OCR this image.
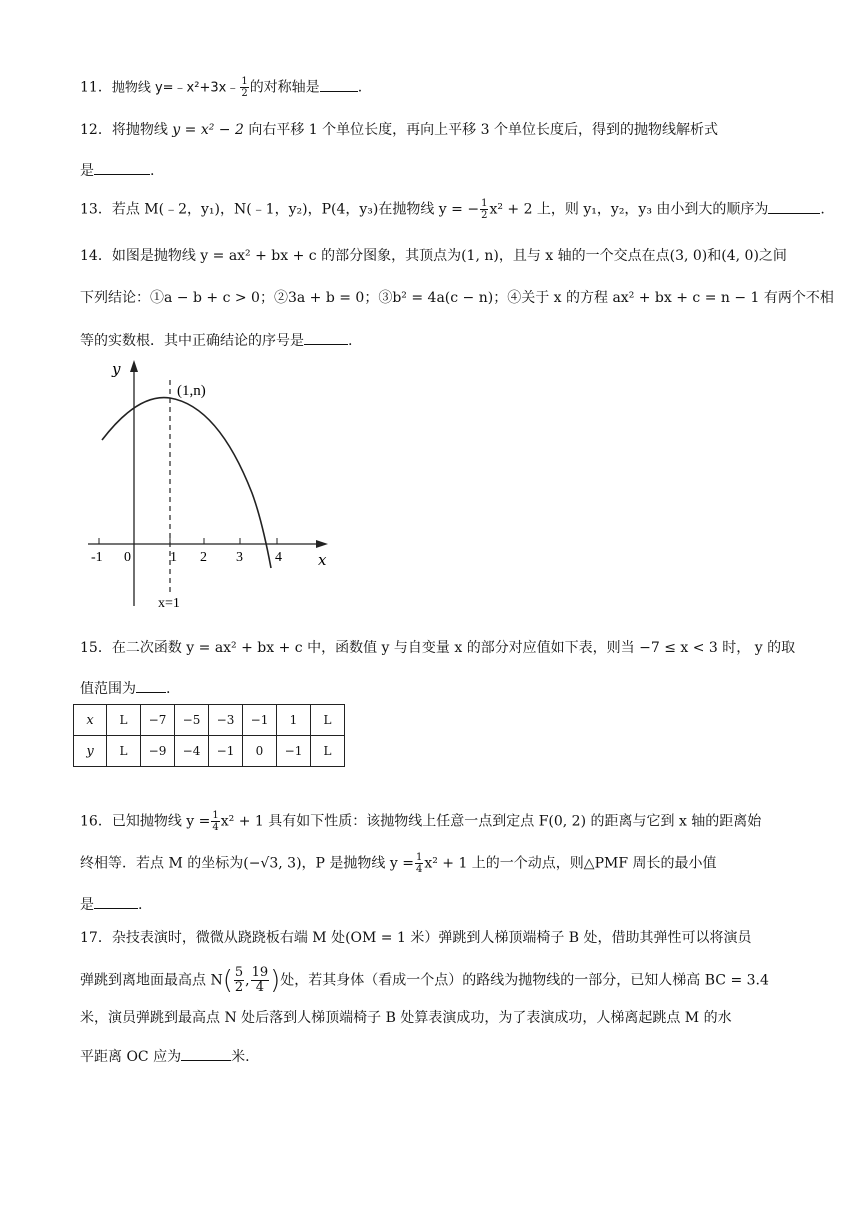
11．抛物线 y=﹣x²+3x﹣ $\frac{1}{2}$ 的对称轴是	.
12．将抛物线 y = x² − 2 向右平移 1 个单位长度，再向上平移 3 个单位长度后，得到的抛物线解析式
是	.
13．若点 M(﹣2，y₁)，N(﹣1，y₂)，P(4，y₃)在抛物线 y = − $\frac{1}{2} x^2 + 2$ 上，则 y₁，y₂，y₃ 由小到大的顺序为	.
14．如图是抛物线 y = ax² + bx + c 的部分图象，其顶点为(1, n)，且与 x 轴的一个交点在点(3, 0)和(4, 0)之间
下列结论：①a − b + c > 0；②3a + b = 0；③b² = 4a(c − n)；④关于 x 的方程 ax² + bx + c = n − 1 有两个不相
等的实数根．其中正确结论的序号是	.
y
x
(1,n)
x=1
-1 0	1 2 3 4
15．在二次函数 y = ax² + bx + c 中，函数值 y 与自变量 x 的部分对应值如下表，则当 −7 ≤ x < 3 时， y 的取
值范围为 .
x	L	−7	−5	−3	−1	1	L
y	L	−9	−4	−1	0	−1	L
16．已知抛物线 $y = \frac{1}{4} x^2 + 1$ 具有如下性质：该抛物线上任意一点到定点 F(0, 2) 的距离与它到 x 轴的距离始
终相等．若点 M 的坐标为(−√3, 3)，P 是抛物线 $y = \frac{1}{4} x^2 + 1$ 上的一个动点，则△PMF 周长的最小值
是	.
17．杂技表演时，微微从跷跷板右端 M 处(OM = 1 米）弹跳到人梯顶端椅子 B 处，借助其弹性可以将演员
弹跳到离地面最高点 $N( \frac{5}{2}$ , $\frac{19}{4}$ )处，若其身体（看成一个点）的路线为抛物线的一部分，已知人梯高 BC = 3.4
米，演员弹跳到最高点 N 处后落到人梯顶端椅子 B 处算表演成功，为了表演成功，人梯离起跳点 M 的水
平距离 OC 应为	米.
